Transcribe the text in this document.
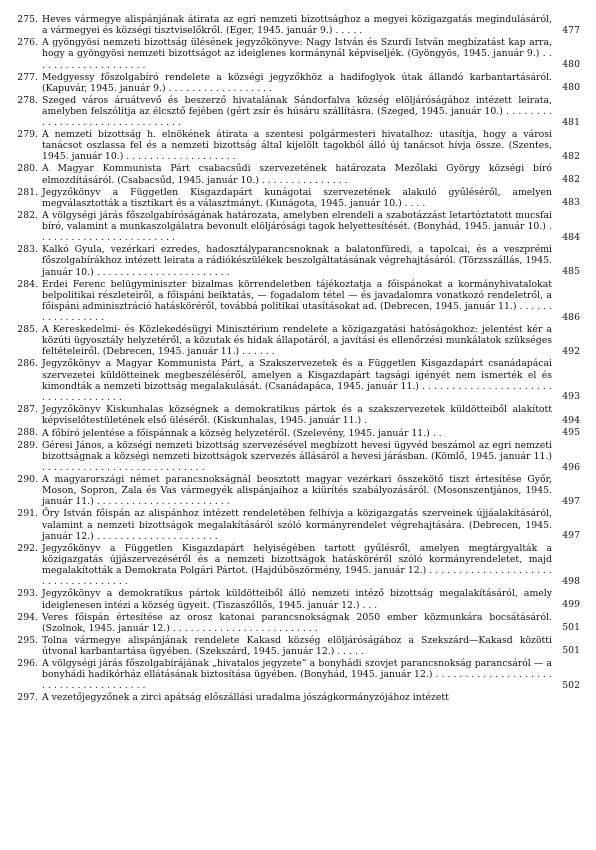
275. Heves vármegye alispánjának átirata az egri nemzeti bizottsághoz a megyei közigazgatás megindulásáról, a vármegyei és községi tisztviselőkről. (Eger, 1945. január 9.) . . . . .	477
276. A gyöngyösi nemzeti bizottság ülésének jegyzőkönyve: Nagy István és Szurdi István megbízatást kap arra, hogy a gyöngyösi nemzeti bizottságot az ideiglenes kormánynál képviseljék. (Gyöngyös, 1945. január 9.) . . . . . . . . . . . . . . . . . . . .	480
277. Medgyessy főszolgabíró rendelete a községi jegyzőkhöz a hadifoglyok útak állandó karbantartásáról. (Kapuvár, 1945. január 9.) . . . . . . . . . . . . . . . . . .	480
278. Szeged város áruátvevő és beszerző hivatalának Sándorfalva község elöljáróságához intézett leirata, amelyben felszólítja az élcsztő fejében (gért zsír és húsáru szállításra. (Szeged, 1945. január 10.) . . . . . . . . . . . . . . . . . . . . . . . . . . . . . . . .	481
279. A nemzeti bizottság h. elnökének átirata a szentesi polgármesteri hivatalhoz: utasítja, hogy a városi tanácsot oszlassa fel és a nemzeti bizottság által kijelölt tagokból álló új tanácsot hívja össze. (Szentes, 1945. január 10.) . . . . . . . . . . . . . . . . . . .	482
280. A Magyar Kommunista Párt csabacsűdi szervezetének határozata Mezőlaki György községi bíró elmozdításáról. (Csabacsűd, 1945. január 10.) . . . . . . . . . . . . . . .	482
281. Jegyzőkönyv a Független Kisgazdapárt kunágotai szervezetének alakuló gyűléséről, amelyen megválasztották a tisztikart és a választmányt. (Kunágota, 1945. január 10.) . . . .	483
282. A völgységi járás főszolgabíróságának határozata, amelyben elrendeli a szabotázzást letartóztatott mucsfai bíró, valamint a munkaszolgálatra bevonult elöljárósági tagok helyettesítését. (Bonyhád, 1945. január 10.) . . . . . . . . . . . . . . . . . . . . . . . .	484
283. Kalkó Gyula, vezérkari ezredes, hadosztályparancsnoknak a balatonfüredi, a tapolcai, és a veszprémi főszolgabírákhoz intézett leirata a rádiókészülékek beszolgáltatásának végrehajtásáról. (Törzsszállás, 1945. január 10.) . . . . . . . . . . . . . . . . . . . . . . .	485
284. Erdei Ferenc belügyminiszter bizalmas körrendeletben tájékoztatja a főispánokat a kormányhivatalokat belpolitikai részleteiről, a főispáni beiktatás, — fogadalom tétel — és javadalomra vonatkozó rendeletről, a főispáni adminisztráció hatásköréről, továbbá politikai utasításokat ad. (Debrecen, 1945. január 11.) . . . . . . . . . . . . . . . . .	486
285. A Kereskedelmi- és Közlekedésügyi Minisztérium rendelete a közigazgatási hatóságokhoz: jelentést kér a közúti ügyosztály helyzetéről, a közutak és hidak állapotáról, a javítási és ellenőrzési munkálatok szükséges feltételeiről. (Debrecen, 1945. január 11.) . . . . . .	492
286. Jegyzőkönyv a Magyar Kommunista Párt, a Szakszervezetek és a Független Kisgazdapárt csanádapácai szervezetei küldötteinek megbeszéléséről, amelyen a Kisgazdapárt tagsági igényét nem ismerték el és kimondták a nemzeti bizottság megalakulását. (Csanádapáca, 1945. január 11.) . . . . . . . . . . . . . . . . . . . . . . . . . . . . . . . . . . . .	493
287. Jegyzőkönyv Kiskunhalas községnek a demokratikus pártok és a szakszervezetek küldötteiből alakított képviselőtestületének első üléséről. (Kiskunhalas, 1945. január 11.) .	494
288. A főbíró jelentése a főispánnak a község helyzetéről. (Szelevény, 1945. január 11.) . .	495
289. Géresi János, a községi nemzeti bizottság szervezésével megbízott hevesi ügyvéd beszámol az egri nemzeti bizottságnak a községi nemzeti bizottságok szervezés állásáról a hevesi járásban. (Kömlő, 1945. január 11.) . . . . . . . . . . . . . . . . . . . . . . . . . . . .	496
290. A magyarországi német parancsnokságnál beosztott magyar vezérkari összekötő tiszt értesítése Győr, Moson, Sopron, Zala és Vas vármegyék alispánjaihoz a kiürítés szabályozásáról. (Mosonszentjános, 1945. január 11.) . . . . . . . . . . . . . . . . . . . . . . .	497
291. Őry István főispán az alispánhoz intézett rendeletében felhívja a közigazgatás szerveinek újjáalakításáról, valamint a nemzeti bizottságok megalakításáról szóló kormányrendelet végrehajtására. (Debrecen, 1945. január 12.) . . . . . . . . . . . . . . . . . . . . .	497
292. Jegyzőkönyv a Független Kisgazdapárt helyiségében tartott gyűlésről, amelyen megtárgyalták a közigazgatás újjászervezéséről és a nemzeti bizottságok hatásköréről szóló kormányrendeletet, majd megalakították a Demokrata Polgári Pártot. (Hajdúböszörmény, 1945. január 12.) . . . . . . . . . . . . . . . . . . . . . . . . . . . . . . . . . . . .	498
293. Jegyzőkönyv a demokratikus pártok küldötteiből álló nemzeti intéző bizottság megalakításáról, amely ideiglenesen intézi a község ügyeit. (Tiszaszőllős, 1945. január 12.) . . .	499
294. Veres főispán értesítése az orosz katonai parancsnokságnak 2050 ember közmunkára bocsátásáról. (Szolnok, 1945. január 12.) . . . . . . . . . . . . . . . . . . . . . . . . .	501
295. Tolna vármegye alispánjának rendelete Kakasd község elöljáróságához a Szekszárd—Kakasd közötti útvonal karbantartása ügyében. (Szekszárd, 1945. január 12.) . . . . .	501
296. A völgységi járás főszolgabírájának „hivatalos jegyzete” a bonyhádi szovjet parancsnokság parancsáról — a bonyhádi hadikórház ellátásának biztosítása ügyében. (Bonyhád, 1945. január 12.) . . . . . . . . . . . . . . . . . . . . . . . . . . . . . . . . . . . . . .	502
297. A vezetőjegyzőnek a zirci apátság előszállási uradalma jószágkormányzójához intézett
